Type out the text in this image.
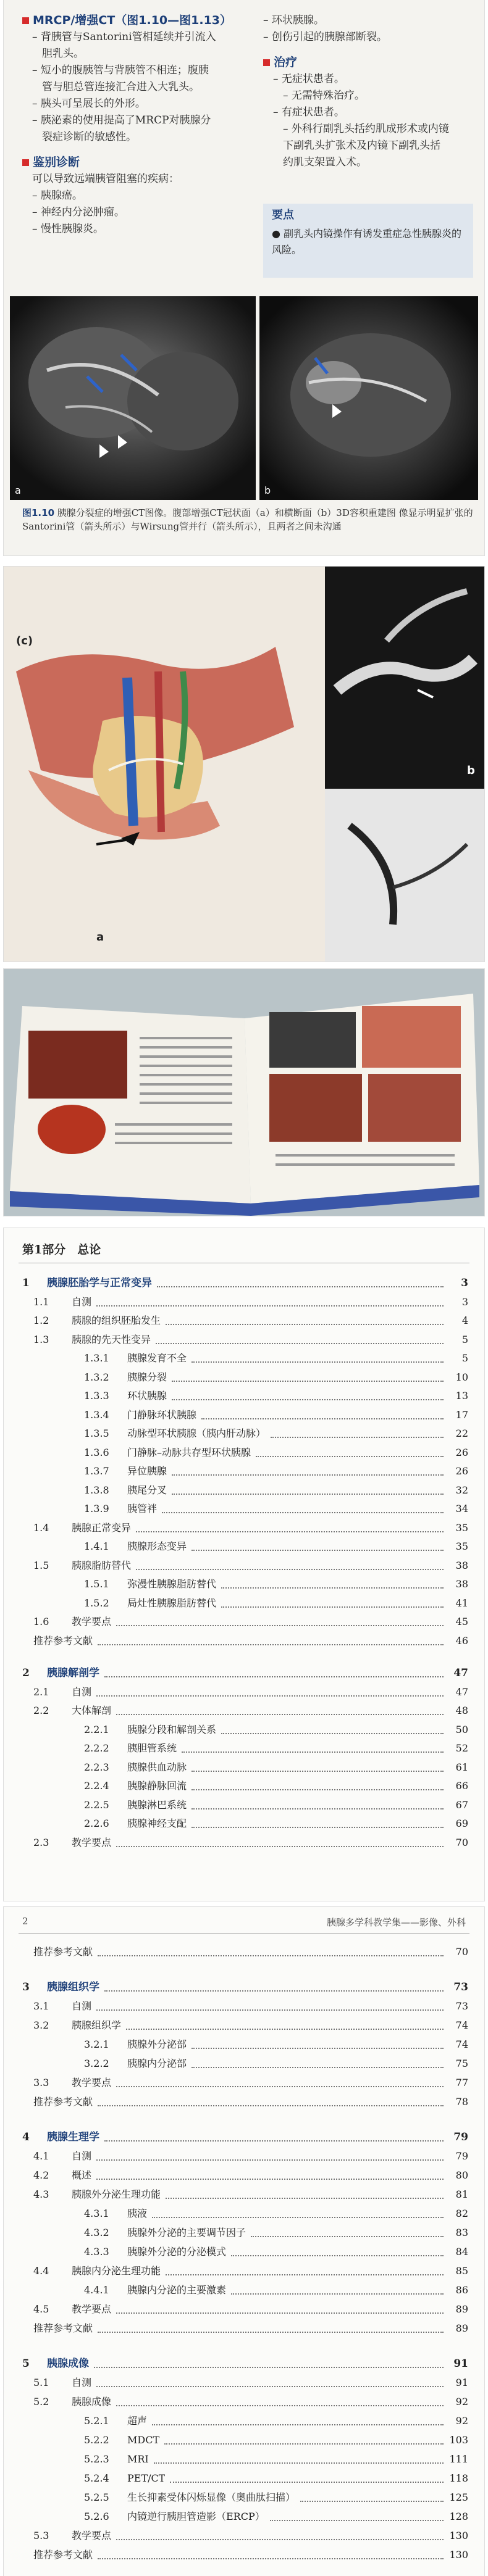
MRCP/增强CT（图1.10—图1.13）
– 背胰管与Santorini管相延续并引流入
胆乳头。
– 短小的腹胰管与背胰管不相连；腹胰
管与胆总管连接汇合进入大乳头。
– 胰头可呈展长的外形。
– 胰泌素的使用提高了MRCP对胰腺分
裂症诊断的敏感性。
鉴别诊断
可以导致远端胰管阻塞的疾病：
– 胰腺癌。
– 神经内分泌肿瘤。
– 慢性胰腺炎。
– 环状胰腺。
– 创伤引起的胰腺部断裂。
治疗
– 无症状患者。
– 无需特殊治疗。
– 有症状患者。
– 外科行副乳头括约肌成形术或内镜
下副乳头扩张术及内镜下副乳头括
约肌支架置入术。
要点
● 副乳头内镜操作有诱发重症急性胰腺炎的风险。
a	b
图1.10 胰腺分裂症的增强CT图像。腹部增强CT冠状面（a）和横断面（b）3D容积重建图 像显示明显扩张的Santorini管（箭头所示）与Wirsung管并行（箭头所示），且两者之间未沟通
(c)
a
b
第1部分　总论
1 胰腺胚胎学与正常变异	3
1.1 自测	3
1.2 胰腺的组织胚胎发生	4
1.3 胰腺的先天性变异	5
1.3.1 胰腺发育不全	5
1.3.2 胰腺分裂	10
1.3.3 环状胰腺	13
1.3.4 门静脉环状胰腺	17
1.3.5 动脉型环状胰腺（胰内肝动脉）	22
1.3.6 门静脉–动脉共存型环状胰腺	26
1.3.7 异位胰腺	26
1.3.8 胰尾分叉	32
1.3.9 胰管袢	34
1.4 胰腺正常变异	35
1.4.1 胰腺形态变异	35
1.5 胰腺脂肪替代	38
1.5.1 弥漫性胰腺脂肪替代	38
1.5.2 局灶性胰腺脂肪替代	41
1.6 教学要点	45
推荐参考文献	46
2 胰腺解剖学	47
2.1 自测	47
2.2 大体解剖	48
2.2.1 胰腺分段和解剖关系	50
2.2.2 胰胆管系统	52
2.2.3 胰腺供血动脉	61
2.2.4 胰腺静脉回流	66
2.2.5 胰腺淋巴系统	67
2.2.6 胰腺神经支配	69
2.3 教学要点	70
2	胰腺多学科教学集——影像、外科
推荐参考文献	70
3 胰腺组织学	73
3.1 自测	73
3.2 胰腺组织学	74
3.2.1 胰腺外分泌部	74
3.2.2 胰腺内分泌部	75
3.3 教学要点	77
推荐参考文献	78
4 胰腺生理学	79
4.1 自测	79
4.2 概述	80
4.3 胰腺外分泌生理功能	81
4.3.1 胰液	82
4.3.2 胰腺外分泌的主要调节因子	83
4.3.3 胰腺外分泌的分泌模式	84
4.4 胰腺内分泌生理功能	85
4.4.1 胰腺内分泌的主要激素	86
4.5 教学要点	89
推荐参考文献	89
5 胰腺成像	91
5.1 自测	91
5.2 胰腺成像	92
5.2.1 超声	92
5.2.2 MDCT	103
5.2.3 MRI	111
5.2.4 PET/CT	118
5.2.5 生长抑素受体闪烁显像（奥曲肽扫描）	125
5.2.6 内镜逆行胰胆管造影（ERCP）	128
5.3 教学要点	130
推荐参考文献	130
